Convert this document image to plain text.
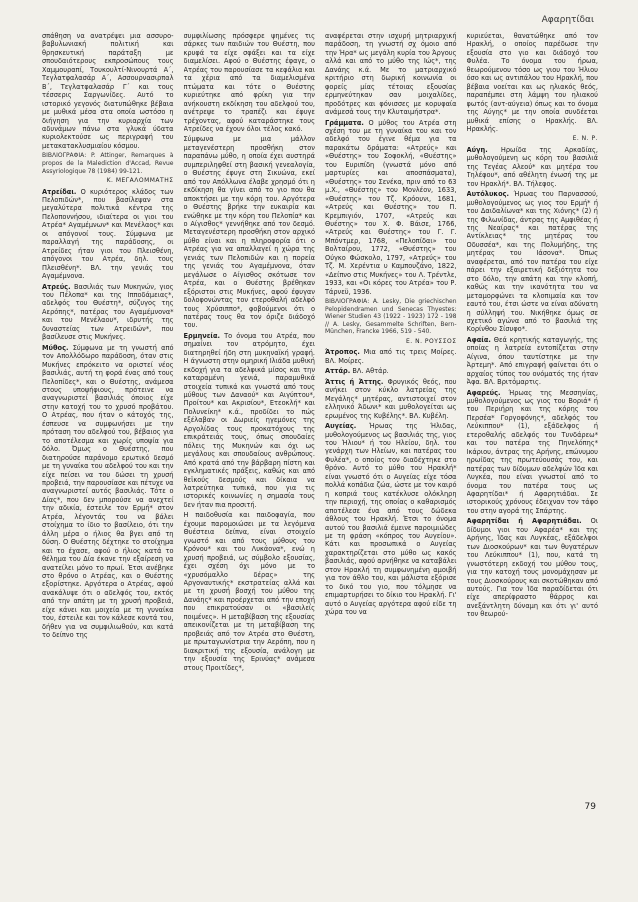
Αφαρητίδαι

σπάθηση να ανατρέψει μια ασσυρο-βαβυλωνιακή πολιτική και θρησκευτική παράταξη με σπουδαιότερους εκπροσώπους τους Χαμμουραπί, Τουκουλτί-Νινουρτά Α΄, Τεγλατφαλασάρ Α΄, Ασσουρνασιρπαλ Β΄, Τεγλατφαλασάρ Γ΄ και τους τέσσερις Σαργωνίδες. Αυτό το ιστορικό γεγονός διατυπώθηκε βέβαια με μυθικά μέσα στα οποία ωστόσο η διήγηση για την κυριαρχία των αδυνάμων πάνω στα γλυκά ύδατα κυριολεκτούσε ως περιγραφή του μετακατακλυσμιαίου κόσμου.

ΒΙΒΛΙΟΓΡΑΦΙΑ: P. Attinger, Remarques à propos de la Malediction d'Accad, Revue Assyriologique 78 (1984) 99-121.

Κ. ΜΕΓΑΛΟΜΜΑΤΗΣ

Ατρείδαι. Ο κυριότερος κλάδος των Πελοπιδών*, που βασίλεψαν στα μεγαλύτερα πολιτικά κέντρα της Πελοποννήσου, ιδιαίτερα οι γιοι του Ατρέα* Αγαμέμνων* και Μενέλαος* και οι απόγονοί τους. Σύμφωνα με παραλλαγή της παράδοσης, οι Ατρείδες ήταν γιοι του Πλεισθένη, απόγονοι του Ατρέα, δηλ. τους Πλεισθένη*. ΒΛ. την γενιάς του Αγαμέμνονα.

Ατρεύς. Βασιλιάς των Μυκηνών, γιος του Πέλοπα* και της Ιπποδάμειας*, αδελφός του Θυέστη*, σύζυγος της Αερόπης*, πατέρας του Αγαμέμνονα* και του Μενέλαου*, ιδρυτής της δυναστείας των Ατρειδών*, που βασίλευσε στις Μυκήνες.

Μύθος. Σύμφωνα με τη γνωστή από τον Απολλόδωρο παράδοση, όταν στις Μυκήνες επρόκειτο να οριστεί νέος βασιλιάς, αυτή τη φορά ένας από τους Πελοπίδες*, και ο Θυέστης, ανάμεσα στους υποψήφιους, πρότεινε να αναγνωριστεί βασιλιάς όποιος είχε στην κατοχή του το χρυσό προβάτου. Ο Ατρέας, που ήταν ο κάτοχός της, έσπευσε να συμφωνήσει με την πρόταση του αδελφού του, βέβαιος για το αποτέλεσμα και χωρίς υποψία για δόλο. Όμως ο Θυέστης, που διατηρούσε παράνομο ερωτικό δεσμό με τη γυναίκα του αδελφού του και την είχε πείσει να του δώσει τη χρυσή προβειά, την παρουσίασε και πέτυχε να αναγνωριστεί αυτός βασιλιάς. Τότε ο Δίας*, που δεν μπορούσε να ανεχτεί την αδικία, έστειλε τον Ερμή* στον Ατρέα, λέγοντάς του να βάλει στοίχημα το ίδιο το βασίλειο, ότι την άλλη μέρα ο ήλιος θα βγει από τη δύση. Ο Θυέστης δέχτηκε το στοίχημα και το έχασε, αφού ο ήλιος κατά το θέλημα του Δία έκανε την εξαίρεση να ανατείλει μόνο το πρωί. Έτσι ανέβηκε στο θρόνο ο Ατρέας, και ο Θυέστης εξορίστηκε. Αργότερα ο Ατρέας, αφού ανακάλυψε ότι ο αδελφός του, εκτός από την απάτη με τη χρυσή προβειά, είχε κάνει και μοιχεία με τη γυναίκα του, έστειλε και τον κάλεσε κοντά του, δήθεν για να συμφιλιωθούν, και κατά το δείπνο της

συμφιλίωσης πρόσφερε ψημένες τις σάρκες των παιδιών του Θυέστη, που κρυφά τα είχε σφάξει και τα είχε διαμελίσει. Αφού ο Θυέστης έφαγε, ο Ατρέας του παρουσίασε τα κεφάλια και τα χέρια από τα διαμελισμένα πτώματα και τότε ο Θυέστης κυριεύτηκε από φρίκη για την ανήκουστη εκδίκηση του αδελφού του, ανέτρεψε το τραπέζι και έφυγε τρέχοντας, αφού καταράστηκε τους Ατρείδες να έχουν όλοι τέλος κακό.

Σύμφωνα με μια μάλλον μεταγενέστερη προσθήκη στον παραπάνω μύθο, η οποία έχει αυστηρά συμπεριληφθεί στη βασική γενεαλογία, ο Θυέστης έφυγε στη Σικυώνα, εκεί από τον Απόλλωνα έλαβε χρησμό ότι η εκδίκηση θα γίνει από το γιο που θα αποκτήσει με την κόρη του. Αργότερα ο Θυέστης βρήκε την ευκαιρία και ενώθηκε με την κόρη του Πελοπία* και ο Αίγισθος* γεννήθηκε από τον δεσμό. Μεταγενέστερη προσθήκη στον αρχικό μύθο είναι και η πληροφορία ότι ο Ατρέας για να απαλλαγεί η χώρα της γενιάς των Πελοπιδών και η πορεία της γενιάς του Αγαμέμνονα, όταν μεγάλωσε ο Αίγισθος σκότωσε τον Ατρέα, και ο Θυέστης βρέθηκαν εξόριστοι στις Μυκήνες, αφού έφυγαν δολοφονώντας τον ετεροθαλή αδελφό τους Χρύσιππο*, φοβούμενοι ότι ο πατέρας τους θα τον όριζε διάδοχό του.

Ερμηνεία. Το όνομα του Ατρέα, που σημαίνει τον ατρόμητο, έχει διατηρηθεί ήδη στη μυκηναϊκή γραφή. Η άγνωστη στην ομηρική Ιλιάδα μυθική εκδοχή για τα αδελφικά μίσος και την καταραμένη γενιά, παραμυθικά στοιχεία τυπικά και γνωστά από τους μύθους των Δαναού* και Αιγύπτου*, Προίτου* και Ακρισίου*, Ετεοκλή* και Πολυνείκη* κ.ά., προδίδει το πώς εξέλαβαν οι Δωριείς ηγεμόνες της Αργολίδας τους προκατόχους της επικράτειάς τους, όπως σπουδαίες πόλεις της Μυκηνών και όχι ως μεγάλους και σπουδαίους ανθρώπους. Από κρατά από την βάρβαρη πίστη και εγκληματικές πράξεις, καθώς και από θεϊκούς δεσμούς και δίκαια να λατρεύτηκα τυπικά, που για τις ιστορικές κοινωνίες η σημασία τους δεν ήταν πια προσιτή.

Η παιδοθυσία και παιδοφαγία, που έχουμε παρομοιώσει με τα λεγόμενα Θυέστεια δείπνα, είναι στοιχείο γνωστό και από τους μύθους του Κρόνου* και του Λυκάονα*, ενώ η χρυσή προβειά, ως σύμβολο εξουσίας, έχει σχέση όχι μόνο με το «χρυσόμαλλο δέρας» της Αργοναυτικής* εκστρατείας αλλά και με τη χρυσή βοσχή του μύθου της Δανάης* και προέρχεται από την εποχή που επικρατούσαν οι «βασιλείς ποιμένες». Η μεταβίβαση της εξουσίας απεικονίζεται με τη μεταβίβαση της προβειάς από τον Ατρέα στο Θυέστη, με πρωταγωνίστρια την Αερόπη, που η διακριτική της εξουσία, ανάλογη με την εξουσία της Ερινύας* ανάμεσα στους Προιτίδες*,

αναφέρεται στην ισχυρή μητριαρχική παράδοση, τη γνωστή σχ όμοιο από την Ήρα* ως μεγάλη κυρία του Άργους αλλά και από το μύθο της Ιώς*, της Δανάης κ.ά. Με το ματριαρχικό κριτήριο στη δωρική κοινωνία οι φορείς μίας τέτοιας εξουσίας ερμηνεύτηκαν σαν μοιχαλίδες, προδότρες και φόνισσες με κορυφαία ανάμεσά τους την Κλυταιμήστρα*.

Γράμματα. Ο μύθος του Ατρέα στη σχέση του με τη γυναίκα του και τον αδελφό του έγινε θέμα για τα παρακάτω δράματα: «Ατρεύς» και «Θυέστης» του Σοφοκλή, «Θυέστης» του Ευριπίδη (γνωστά μόνο από μαρτυρίες και αποσπάσματα), «Θυέστης» του Σενέκα, πριν από το 63 μ.Χ., «Θυέστης» του Μονλέον, 1633, «Θυέστης» του Τζ. Κρόουνι, 1681, «Ατρεύς και Θυέστης» του Π. Κρεμπιγιόν, 1707, «Ατρεύς και Θυέστης» του Χ. Φ. Βάισε, 1766, «Ατρεύς και Θυέστης» του Γ. Γ. Μπόντμερ, 1768, «Πελοπίδαι» του Βολταίρου, 1772, «Θυέστης» του Ούγκο Φώσκολο, 1797, «Ατρεύς» του Τζ. Μ. Χερέντια υ Καμπουζάνο, 1822, «Δείπνο στις Μυκήνες» του Λ. Τρέντλε, 1933, και «Οι κόρες του Ατρέα» του Ρ. Τάρνεϋ, 1936.

ΒΙΒΛΙΟΓΡΑΦΙΑ: A. Lesky, Die griechischen Pelopidendramen und Senecas Thyestes: Wiener Studien 43 (1922 - 1923) 172 - 198 // A. Lesky, Gesammelte Schriften, Bern-München, Francke 1966, 519 - 540.

Ε. Ν. ΡΟΥΣΣΟΣ

Άτροπος. Μια από τις τρεις Μοίρες. ΒΛ. Μοίρες.

Αττάρ. ΒΛ. Αθτάρ.

Άττις ή Άττης. Φρυγικός θεός, που ανήκει στον κύκλο λατρείας της Μεγάλης* μητέρας, αντιστοιχεί στον ελληνικό Άδωνι* και μυθολογείται ως ερωμένος της Κυβέλης*. ΒΛ. Κυβέλη.

Αυγείας. Ήρωας της Ήλιδας, μυθολογούμενος ως βασιλιάς της, γιος του Ήλιου* ή του Ηλείου, δηλ. του γενάρχη των Ηλείων, και πατέρας του Φυλέα*, ο οποίος τον διαδέχτηκε στο θρόνο. Αυτό το μύθο του Ηρακλή* είναι γνωστό ότι ο Αυγείας είχε τόσα πολλά κοπάδια ζώα, ώστε με τον καιρό η κοπριά τους κατέκλυσε ολόκληρη την περιοχή, της οποίας ο καθαρισμός αποτέλεσε ένα από τους δώδεκα άθλους του Ηρακλή. Έτσι το όνομα αυτού του βασιλιά έμεινε παροιμιώδες με τη φράση «κόπρος του Αυγείου». Κάτι και προσωπικά ο Αυγείας χαρακτηρίζεται στο μύθο ως κακός βασιλιάς, αφού αρνήθηκε να καταβάλει στον Ηρακλή τη συμφωνημένη αμοιβή για τον άθλο του, και μάλιστα εξόρισε το δικό του γιο, που τόλμησε να επιμαρτυρήσει το δίκιο του Ηρακλή. Γι' αυτό ο Αυγείας αργότερα αφού είδε τη χώρα του να

κυριεύεται, θανατώθηκε από τον Ηρακλή, ο οποίος παρέδωσε την εξουσία στο γιο και διάδοχό του Φυλέα. Το όνομα του ήρωα, θεωρούμενου τόσο ως γιου του Ήλιου όσο και ως αντιπάλου του Ηρακλή, που βέβαια νοείται και ως ηλιακός θεός, παραπέμπει στη λάμψη του ηλιακού φωτός (αντ-αύγεια) όπως και το όνομα της Αύγης* με την οποία συνδέεται μυθικά επίσης ο Ηρακλής. ΒΛ. Ηρακλής.

Ε. Ν. Ρ.

Αύγη. Ηρωίδα της Αρκαδίας, μυθολογούμενη ως κόρη του βασιλιά της Τεγέας Αλεού* και μητέρα του Τηλέφου*, από αθέλητη ένωσή της με τον Ηρακλή*. ΒΛ. Τήλεφος.

Αυτόλυκος. Ήρωας του Παρνασσού, μυθολογούμενος ως γιος του Ερμή* ή του Δαιδαλίωνα* και της Χιόνης* (2) ή της Φιλωνίδας, άντρας της Αμφιθέας ή της Νεαίρας* και πατέρας της Αντίκλειας* της μητέρας του Οδυσσέα*, και της Πολυμήδης, της μητέρας του Ιάσονα*. Όπως αναφέρεται, από τον πατέρα του είχε πάρει την εξαιρετική δεξιότητα του στο δόλο, την απάτη και την κλοπή, καθώς και την ικανότητα του να μεταμορφώνει τα κλοπιμαία και τον εαυτό του, έτσι ώστε να είναι αδύνατη η σύλληψή του. Νικήθηκε όμως σε σχετικό αγώνα από το βασιλιά της Κορίνθου Σίσυφο*.

Αφαία. Θεά κρητικής καταγωγής, της οποίας η λατρεία εντοπίζεται στην Αίγινα, όπου ταυτίστηκε με την Άρτεμη*. Από επιγραφή φαίνεται ότι ο αρχαίος τύπος του ονόματός της ήταν Άφα. ΒΛ. Βριτόμαρτις.

Αφαρεύς. Ήρωας της Μεσσηνίας, μυθολογούμενος ως γιος του Βοριά* ή του Περιήρη και της κόρης του Περσέα* Γοργοφόνης*, αδελφός του Λεύκιππου* (1), εξάδελφος ή ετεροθαλής αδελφός του Τυνδάρεω* και του πατέρα της Πηνελόπης* Ικάριου, άντρας της Αρήνης, επώνυμου ηρωίδας της πρωτεύουσάς του, και πατέρας των δίδυμων αδελφών Ίδα και Λυγκέα, που είναι γνωστοί από το όνομα του πατέρα τους ως Αφαρητίδαι* ή Αφαρητιάδαι. Σε ιστορικούς χρόνους έδειχναν τον τάφο του στην αγορά της Σπάρτης.

Αφαρητίδαι ή Αφαρητιάδαι. Οι δίδυμοι γιοι του Αφαρέα* και της Αρήνης, Ίδας και Λυγκέας, εξάδελφοι των Διοσκούρων* και των θυγατέρων του Λεύκιππου* (1), που, κατά τη γνωστότερη εκδοχή του μύθου τους, για την κατοχή τους μονομάχησαν με τους Διοσκούρους και σκοτώθηκαν από αυτούς. Για τον Ίδα παραδίδεται ότι είχε απερίφραστο θάρρος και ανεξάντλητη δύναμη και ότι γι' αυτό τον θεωρού-

79
